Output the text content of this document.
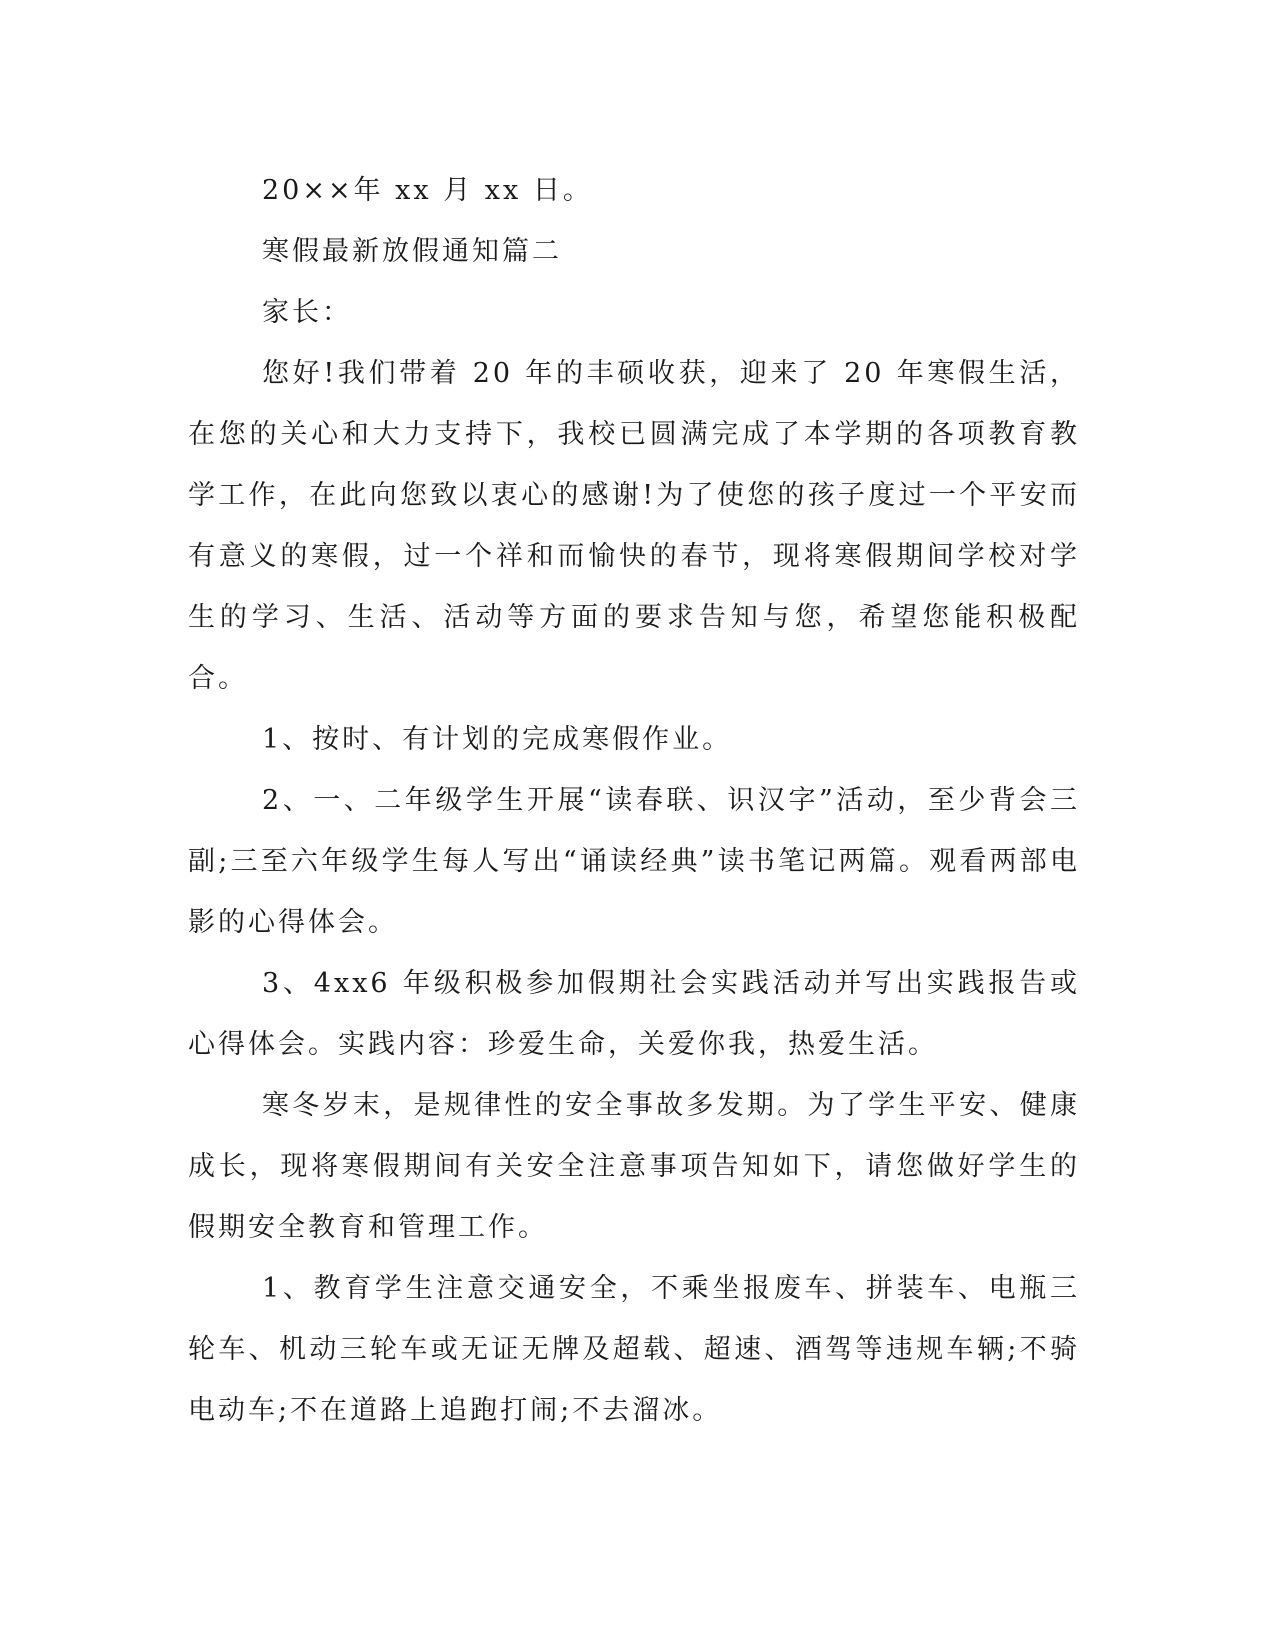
20××年 xx 月 xx 日。

寒假最新放假通知篇二

家长：

您好!我们带着 20 年的丰硕收获，迎来了 20 年寒假生活，在您的关心和大力支持下，我校已圆满完成了本学期的各项教育教学工作，在此向您致以衷心的感谢!为了使您的孩子度过一个平安而有意义的寒假，过一个祥和而愉快的春节，现将寒假期间学校对学生的学习、生活、活动等方面的要求告知与您，希望您能积极配合。

1、按时、有计划的完成寒假作业。

2、一、二年级学生开展“读春联、识汉字”活动，至少背会三副;三至六年级学生每人写出“诵读经典”读书笔记两篇。观看两部电影的心得体会。

3、4xx6 年级积极参加假期社会实践活动并写出实践报告或心得体会。实践内容：珍爱生命，关爱你我，热爱生活。

寒冬岁末，是规律性的安全事故多发期。为了学生平安、健康成长，现将寒假期间有关安全注意事项告知如下，请您做好学生的假期安全教育和管理工作。

1、教育学生注意交通安全，不乘坐报废车、拼装车、电瓶三轮车、机动三轮车或无证无牌及超载、超速、酒驾等违规车辆;不骑电动车;不在道路上追跑打闹;不去溜冰。
